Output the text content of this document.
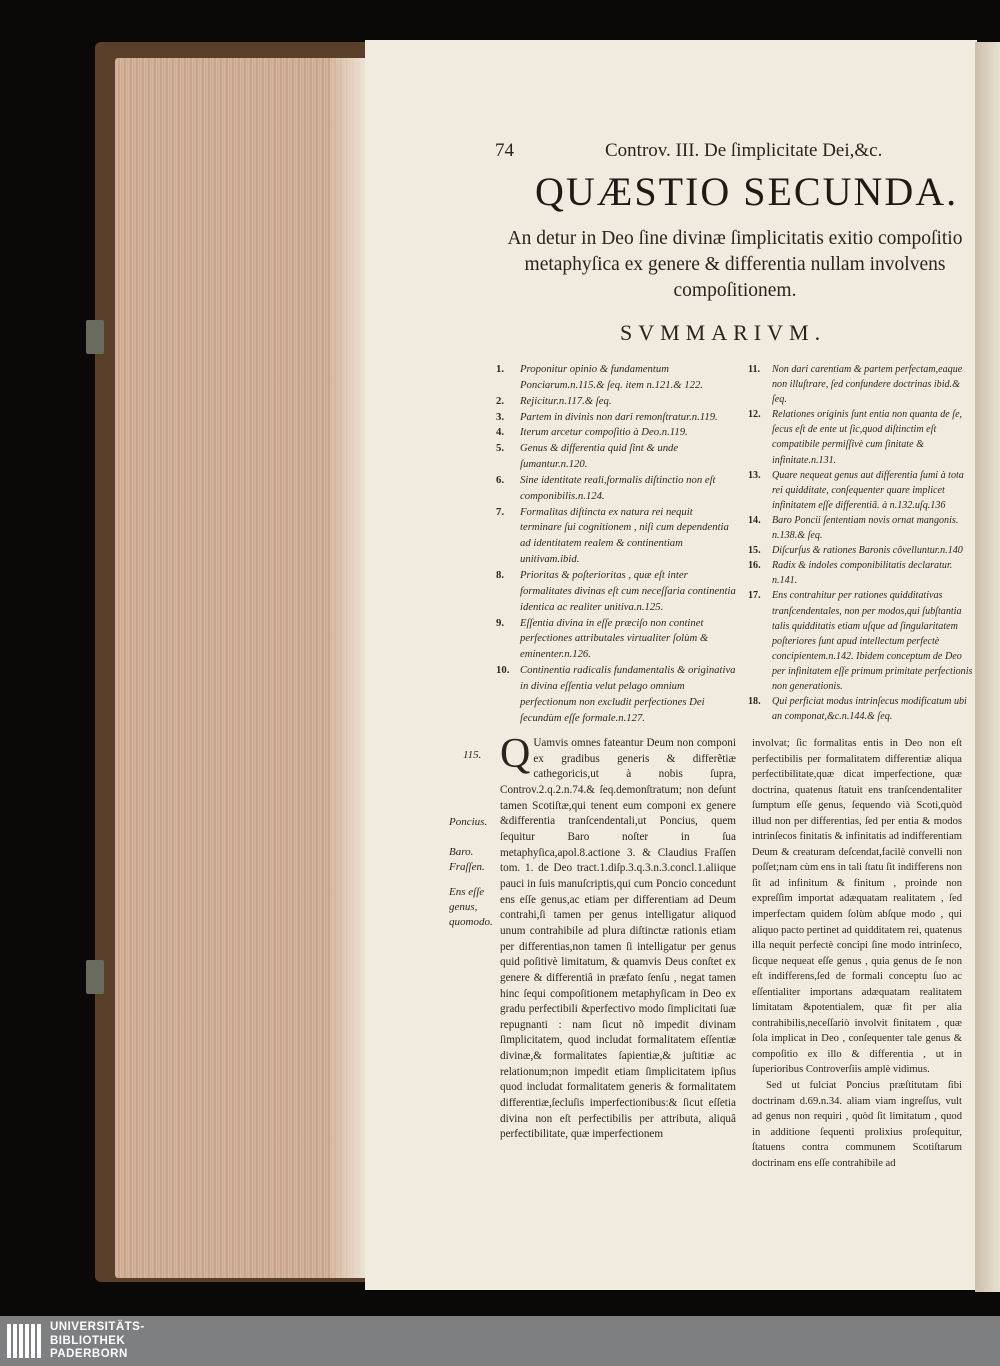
74	Controv. III. De ſimplicitate Dei,&c.
QUÆSTIO SECUNDA.
An detur in Deo ſine divinæ ſimplicitatis exitio compoſitio metaphyſica ex genere & differentia nullam involvens compoſitionem.
SVMMARIVM.
1.	Proponitur opinio & fundamentum Ponciarum.n.115.& ſeq. item n.121.& 122.
2.	Rejicitur.n.117.& ſeq.
3.	Partem in divinis non dari remonſtratur.n.119.
4.	Iterum arcetur compoſitio à Deo.n.119.
5.	Genus & differentia quid ſint & unde ſumantur.n.120.
6.	Sine identitate reali,formalis diſtinctio non eſt componibilis.n.124.
7.	Formalitas diſtincta ex natura rei nequit terminare ſui cognitionem , niſi cum dependentia ad identitatem realem & continentiam unitivam.ibid.
8.	Prioritas & poſterioritas , quæ eſt inter formalitates divinas eſt cum neceſſaria continentia identica ac realiter unitiva.n.125.
9.	Eſſentia divina in eſſe præciſo non continet perfectiones attributales virtualiter ſolùm & eminenter.n.126.
10. Continentia radicalis fundamentalis & originativa in divina eſſentia velut pelago omnium perfectionum non excludit perfectiones Dei ſecundùm eſſe formale.n.127.
11.	Non dari carentiam & partem perfectam,eaque non illuſtrare, ſed confundere doctrinas ibid.& ſeq.
12.	Relationes originis ſunt entia non quanta de ſe, ſecus eſt de ente ut ſic,quod diſtinctim eſt compatibile permiſſivè cum ſinitate & infinitate.n.131.
13.	Quare nequeat genus aut differentia ſumi à tota rei quidditate, conſequenter quare implicet infinitatem eſſe differentiã. à n.132.uſq.136
14.	Baro Poncii ſententiam novis ornat mangonis. n.138.& ſeq.
15.	Diſcurſus & rationes Baronis côvelluntur.n.140
16.	Radix & indoles componibilitatis declaratur. n.141.
17.	Ens contrahitur per rationes quidditativas tranſcendentales, non per modos,qui ſubſtantia talis quidditatis etiam uſque ad ſingularitatem poſteriores ſunt apud intellectum perfectè concipientem.n.142. Ibidem conceptum de Deo per infinitatem eſſe primum primitate perfectionis non generationis.
18.	Qui perficiat modus intrinſecus modificatum ubi an componat,&c.n.144.& ſeq.
115.
Poncius.
Baro.
Fraſſen.
Ens eſſe genus, quomodo.
Q Uamvis omnes fateantur Deum non componi ex gradibus generis & differẽtiæ cathegoricis,ut à nobis ſupra, Controv.2.q.2.n.74.& ſeq.demonſtratum; non deſunt tamen Scotiſtæ,qui tenent eum componi ex genere &differentia tranſcendentali,ut Poncius, quem ſequitur Baro noſter in ſua metaphyſica,apol.8.actione 3. & Claudius Fraſſen tom. 1. de Deo tract.1.diſp.3.q.3.n.3.concl.1.aliique pauci in ſuis manuſcriptis,qui cum Poncio concedunt ens eſſe genus,ac etiam per differentiam ad Deum contrahi,ſi tamen per genus intelligatur aliquod unum contrahibile ad plura diſtinctæ rationis etiam per differentias,non tamen ſi intelligatur per genus quid poſitivè limitatum, & quamvis Deus conſtet ex genere & differentiâ in præfato ſenſu , negat tamen hinc ſequi compoſitionem metaphyſicam in Deo ex gradu perfectibili &perfectivo modo ſimplicitati ſuæ repugnanti : nam ſicut nõ impedit divinam ſimplicitatem, quod includat formalitatem eſſentiæ divinæ,& formalitates ſapientiæ,& juſtitiæ ac relationum;non impedit etiam ſimplicitatem ipſius quod includat formalitatem generis & formalitatem differentiæ,ſecluſis imperfectionibus:& ſicut eſſetia divina non eſt perfectibilis per attributa, aliquâ perfectibilitate, quæ imperfectionem
involvat; ſic formalitas entis in Deo non eſt perfectibilis per formalitatem differentiæ aliqua perfectibilitate,quæ dicat imperfectione, quæ doctrina, quatenus ſtatuit ens tranſcendentaliter ſumptum eſſe genus, ſequendo vià Scoti,quòd illud non per differentias, ſed per entia & modos intrinſecos finitatis & infinitatis ad indifferentiam Deum & creaturam deſcendat,facilè convelli non poſſet;nam cùm ens in tali ſtatu ſit indifferens non ſit ad infinitum & finitum , proinde non expreſſim importat adæquatam realitatem , ſed imperfectam quidem ſolùm abſque modo , qui aliquo pacto pertinet ad quidditatem rei, quatenus illa nequit perfectè concipi ſine modo intrinſeco, ſicque nequeat eſſe genus , quia genus de ſe non eſt indifferens,ſed de formali conceptu ſuo ac eſſentialiter importans adæquatam realitatem limitatam &potentialem, quæ fit per alia contrahibilis,neceſſariò involvit finitatem , quæ ſola implicat in Deo , conſequenter tale genus & compoſitio ex illo & differentia , ut in ſuperioribus Controverſiis amplè vidimus.
Sed ut fulciat Poncius præſtitutam ſibi doctrinam d.69.n.34. aliam viam ingreſſus, vult ad genus non requiri , quòd ſit limitatum , quod in additione ſequenti prolixius proſequitur, ſtatuens contra communem Scotiſtarum doctrinam ens eſſe contrahibile ad
UNIVERSITÄTS-
BIBLIOTHEK
PADERBORN
